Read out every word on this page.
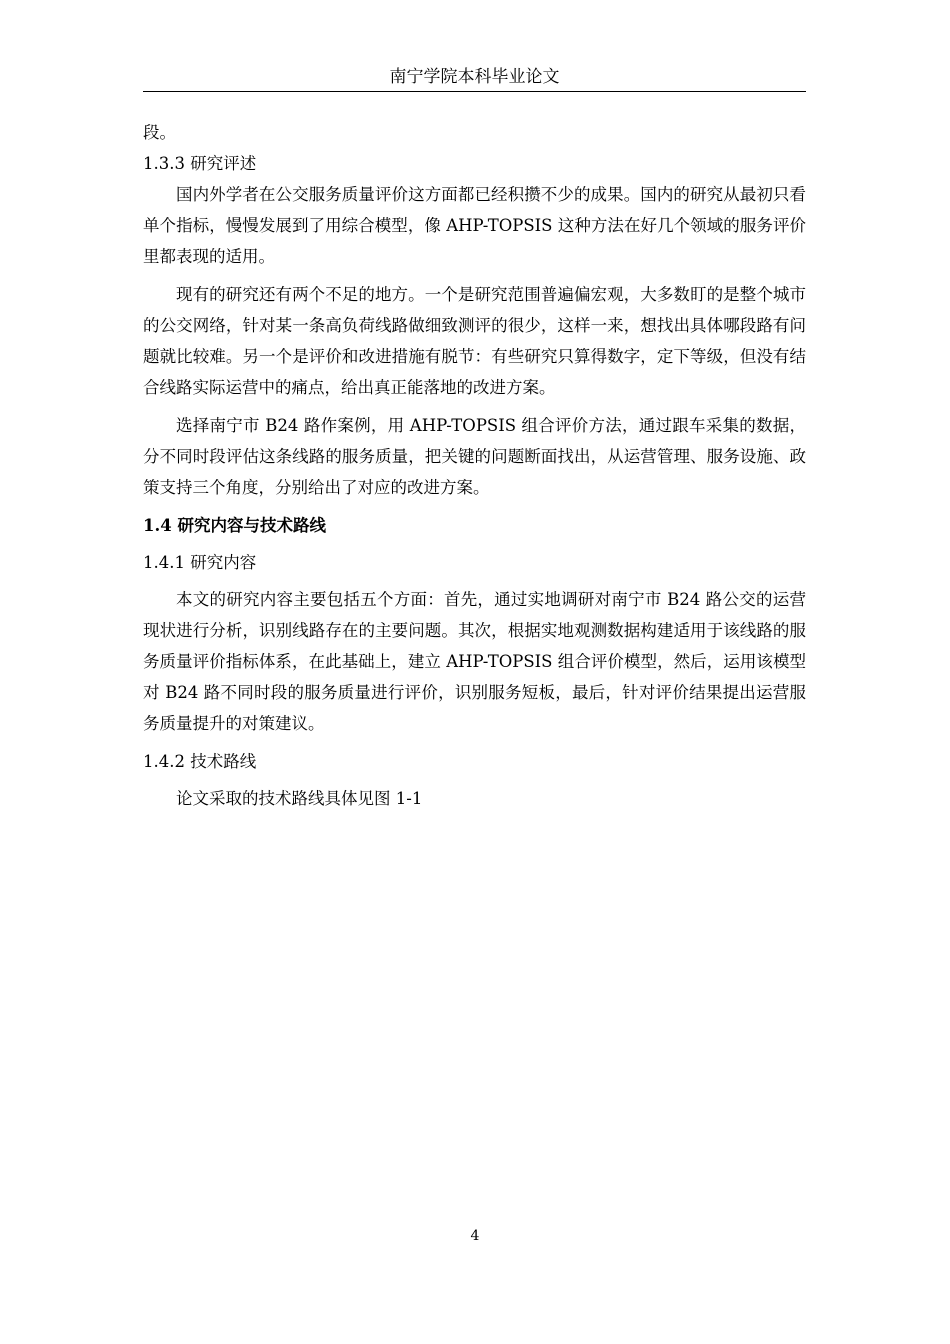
南宁学院本科毕业论文

段。

1.3.3 研究评述

国内外学者在公交服务质量评价这方面都已经积攒不少的成果。国内的研究从最初只看单个指标，慢慢发展到了用综合模型，像 AHP-TOPSIS 这种方法在好几个领域的服务评价里都表现的适用。

现有的研究还有两个不足的地方。一个是研究范围普遍偏宏观，大多数盯的是整个城市的公交网络，针对某一条高负荷线路做细致测评的很少，这样一来，想找出具体哪段路有问题就比较难。另一个是评价和改进措施有脱节：有些研究只算得数字，定下等级，但没有结合线路实际运营中的痛点，给出真正能落地的改进方案。

选择南宁市 B24 路作案例，用 AHP-TOPSIS 组合评价方法，通过跟车采集的数据，分不同时段评估这条线路的服务质量，把关键的问题断面找出，从运营管理、服务设施、政策支持三个角度，分别给出了对应的改进方案。

1.4 研究内容与技术路线

1.4.1 研究内容

本文的研究内容主要包括五个方面：首先，通过实地调研对南宁市 B24 路公交的运营现状进行分析，识别线路存在的主要问题。其次，根据实地观测数据构建适用于该线路的服务质量评价指标体系，在此基础上，建立 AHP-TOPSIS 组合评价模型，然后，运用该模型对 B24 路不同时段的服务质量进行评价，识别服务短板，最后，针对评价结果提出运营服务质量提升的对策建议。

1.4.2 技术路线

论文采取的技术路线具体见图 1-1

4
